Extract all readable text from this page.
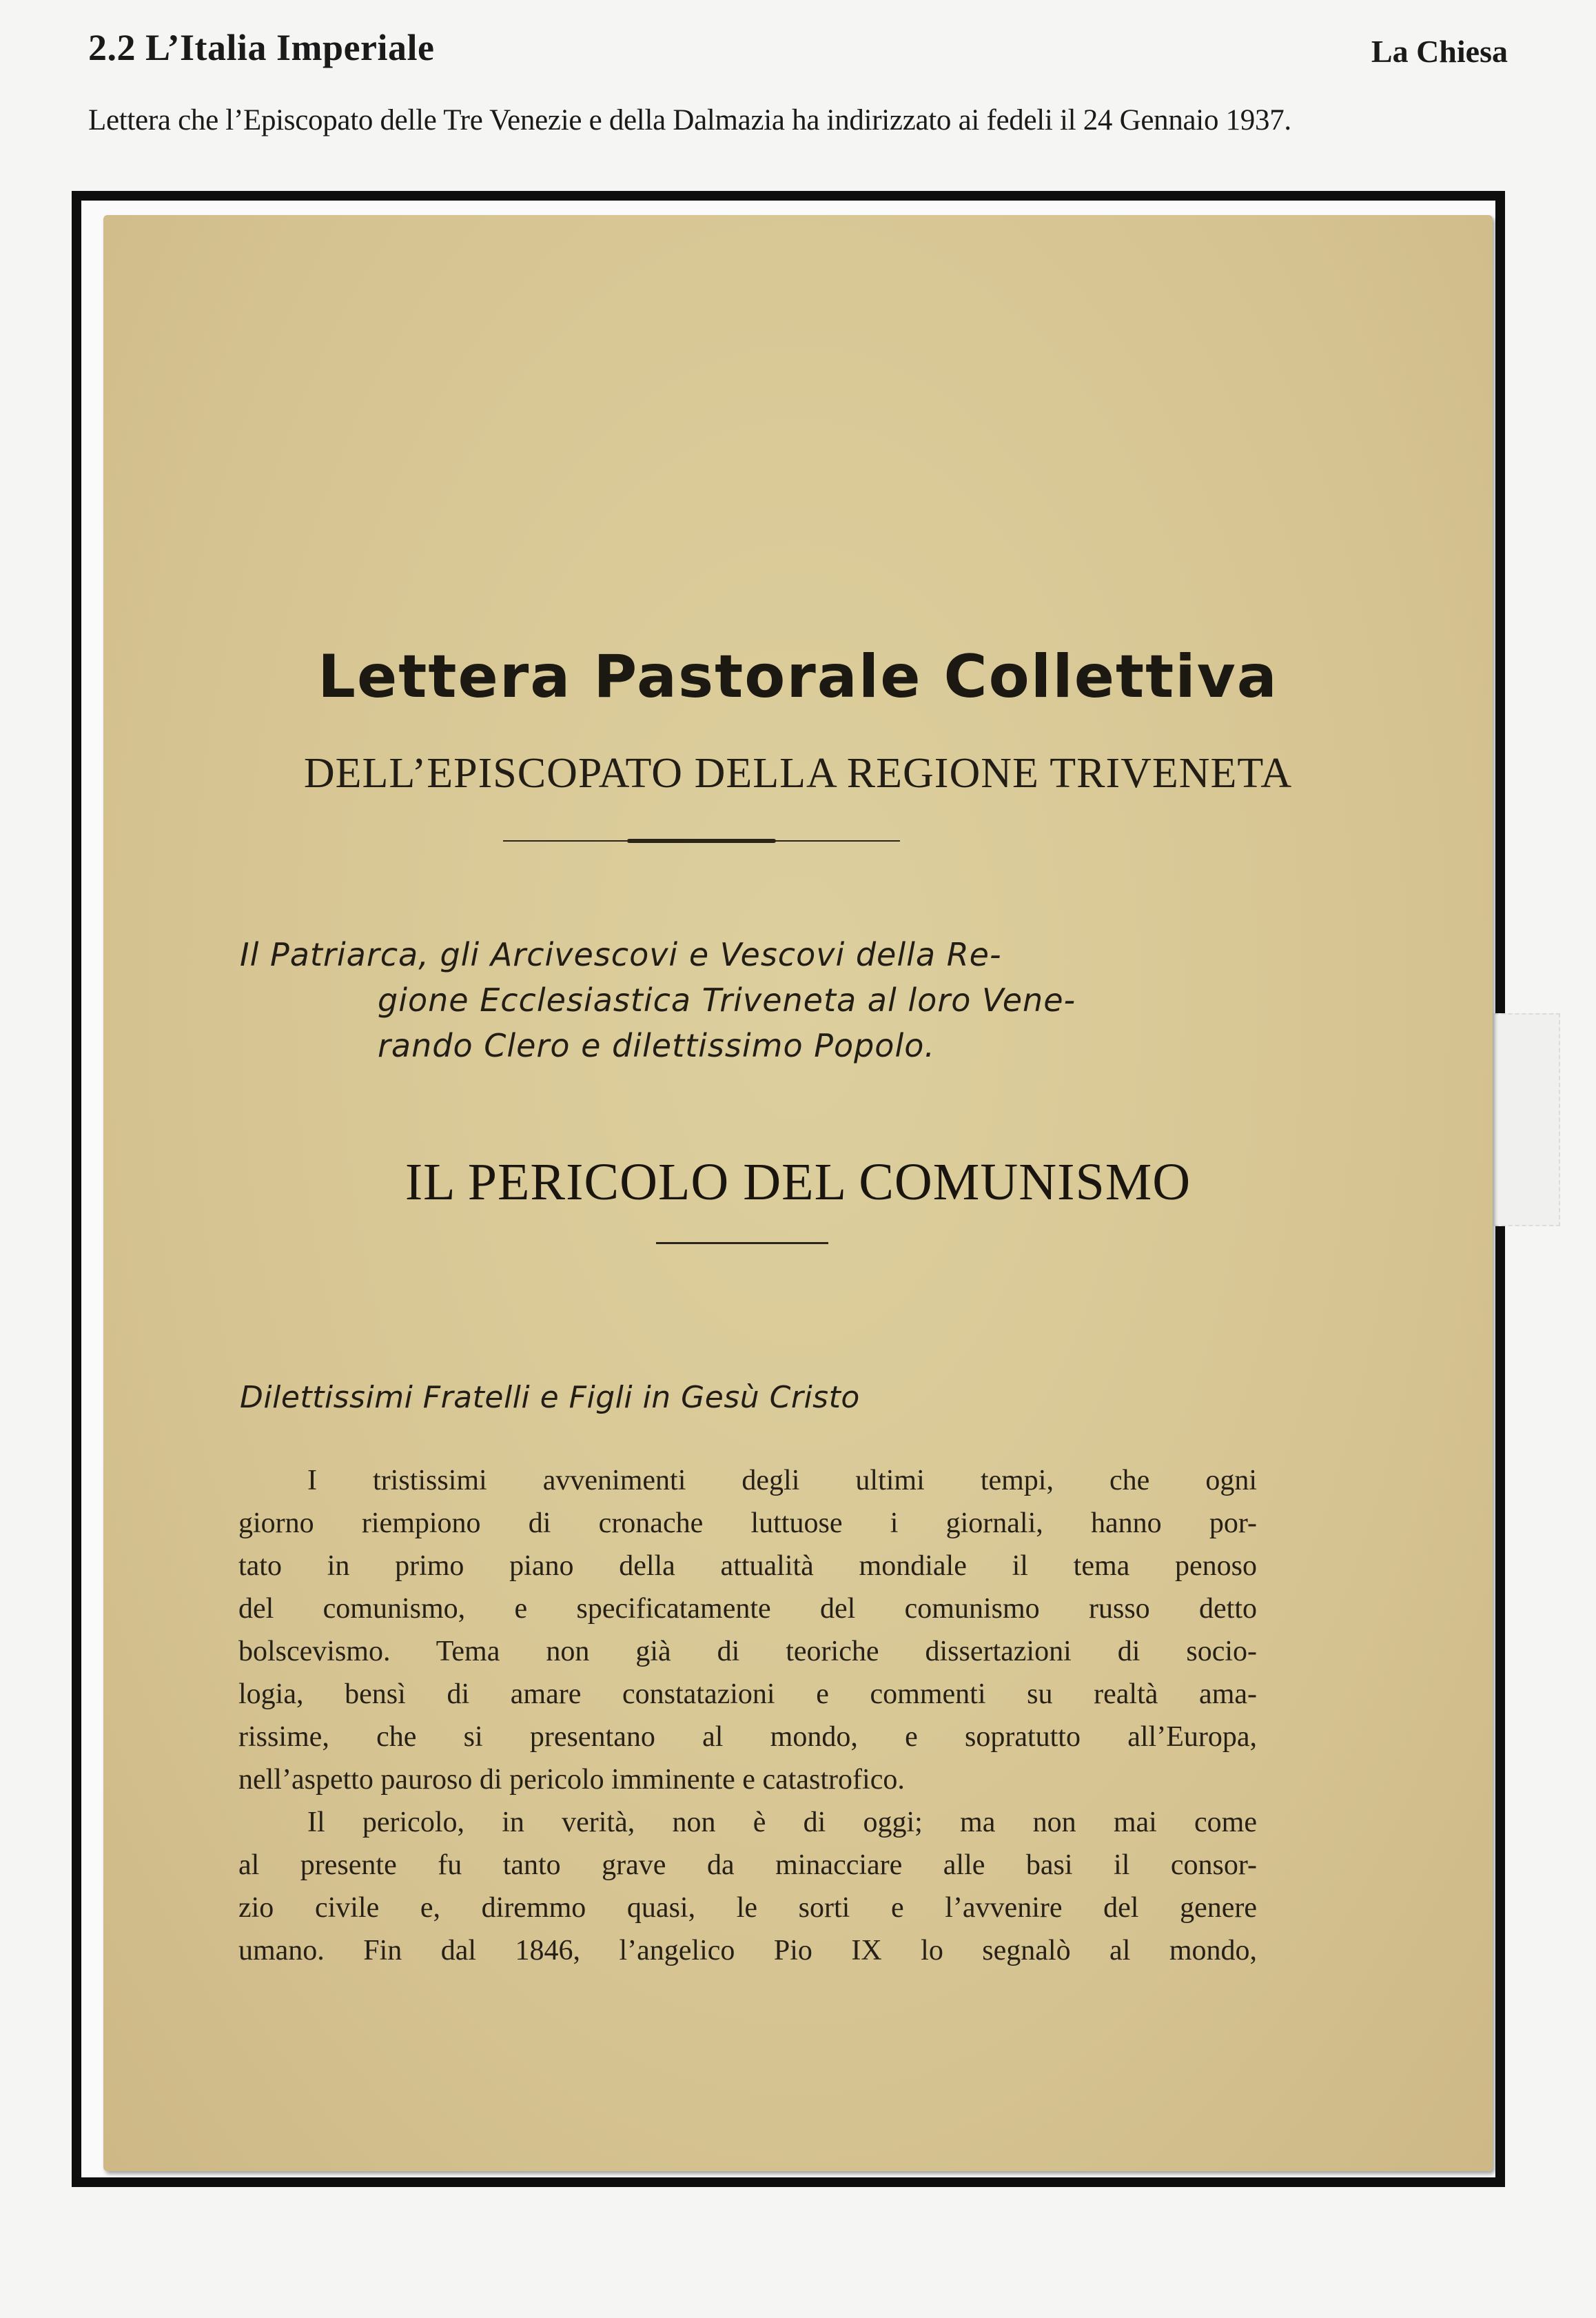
2.2 L’Italia Imperiale	La Chiesa
Lettera che l’Episcopato delle Tre Venezie e della Dalmazia ha indirizzato ai fedeli il 24 Gennaio 1937.
Lettera Pastorale Collettiva
DELL’EPISCOPATO DELLA REGIONE TRIVENETA
Il Patriarca, gli Arcivescovi e Vescovi della Re-
gione Ecclesiastica Triveneta al loro Vene-
rando Clero e dilettissimo Popolo.
IL PERICOLO DEL COMUNISMO
Dilettissimi Fratelli e Figli in Gesù Cristo
I tristissimi avvenimenti degli ultimi tempi, che ogni
giorno riempiono di cronache luttuose i giornali, hanno por-
tato in primo piano della attualità mondiale il tema penoso
del comunismo, e specificatamente del comunismo russo detto
bolscevismo. Tema non già di teoriche dissertazioni di socio-
logia, bensì di amare constatazioni e commenti su realtà ama-
rissime, che si presentano al mondo, e sopratutto all’Europa,
nell’aspetto pauroso di pericolo imminente e catastrofico.
Il pericolo, in verità, non è di oggi; ma non mai come
al presente fu tanto grave da minacciare alle basi il consor-
zio civile e, diremmo quasi, le sorti e l’avvenire del genere
umano. Fin dal 1846, l’angelico Pio IX lo segnalò al mondo,
